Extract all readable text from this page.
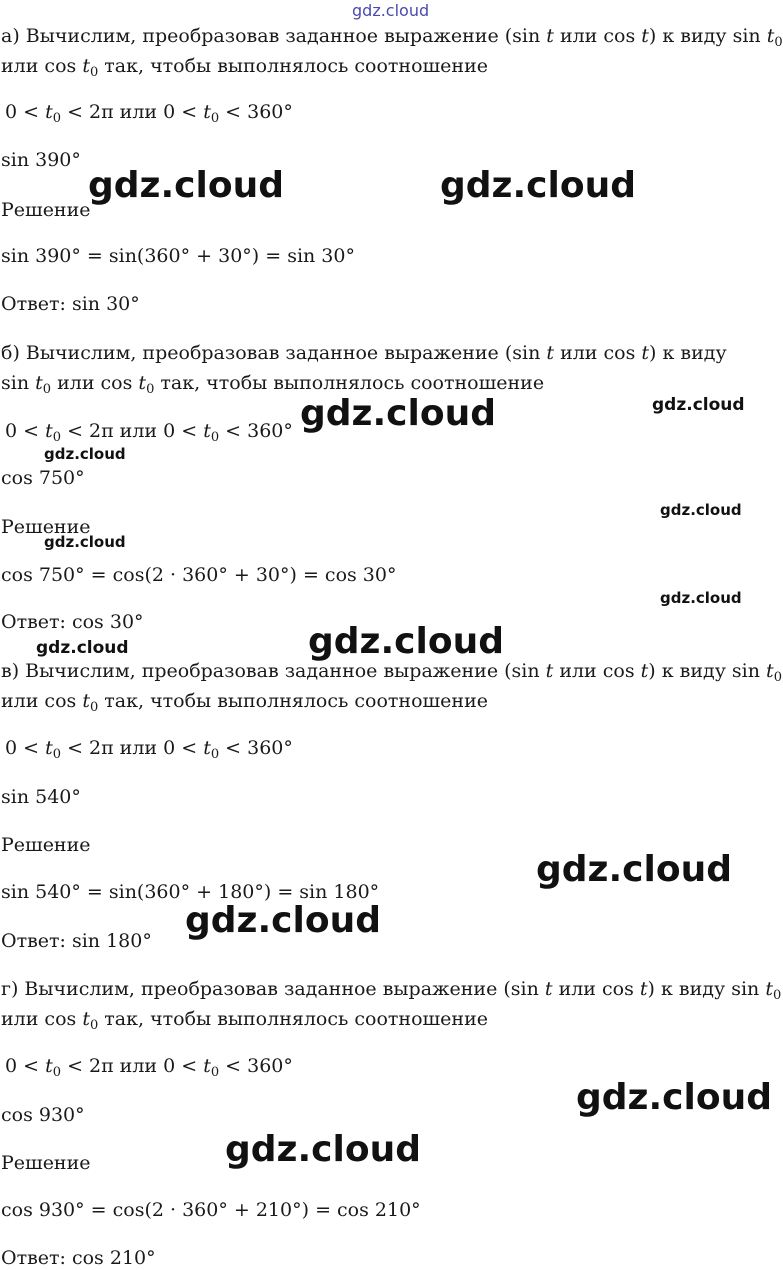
gdz.cloud
а) Вычислим, преобразовав заданное выражение (sin t или cos t) к виду $\sin t_0$
или $\cos t_0$ так, чтобы выполнялось соотношение
$0 < t_0 < 2\pi$ или $0 < t_0 < 360^\circ$
sin 390°
Решение
sin 390° = sin(360° + 30°) = sin 30°
Ответ: sin 30°
б) Вычислим, преобразовав заданное выражение (sin t или cos t) к виду
$\sin t_0$ или $\cos t_0$ так, чтобы выполнялось соотношение
$0 < t_0 < 2\pi$ или $0 < t_0 < 360^\circ$
cos 750°
Решение
cos 750° = cos(2 · 360° + 30°) = cos 30°
Ответ: cos 30°
в) Вычислим, преобразовав заданное выражение (sin t или cos t) к виду $\sin t_0$
или $\cos t_0$ так, чтобы выполнялось соотношение
$0 < t_0 < 2\pi$ или $0 < t_0 < 360^\circ$
sin 540°
Решение
sin 540° = sin(360° + 180°) = sin 180°
Ответ: sin 180°
г) Вычислим, преобразовав заданное выражение (sin t или cos t) к виду $\sin t_0$
или $\cos t_0$ так, чтобы выполнялось соотношение
$0 < t_0 < 2\pi$ или $0 < t_0 < 360^\circ$
cos 930°
Решение
cos 930° = cos(2 · 360° + 210°) = cos 210°
Ответ: cos 210°
gdz.cloud	gdz.cloud
gdz.cloud	gdz.cloud
gdz.cloud
gdz.cloud
gdz.cloud
gdz.cloud
gdz.cloud	gdz.cloud
gdz.cloud
gdz.cloud
gdz.cloud
gdz.cloud
